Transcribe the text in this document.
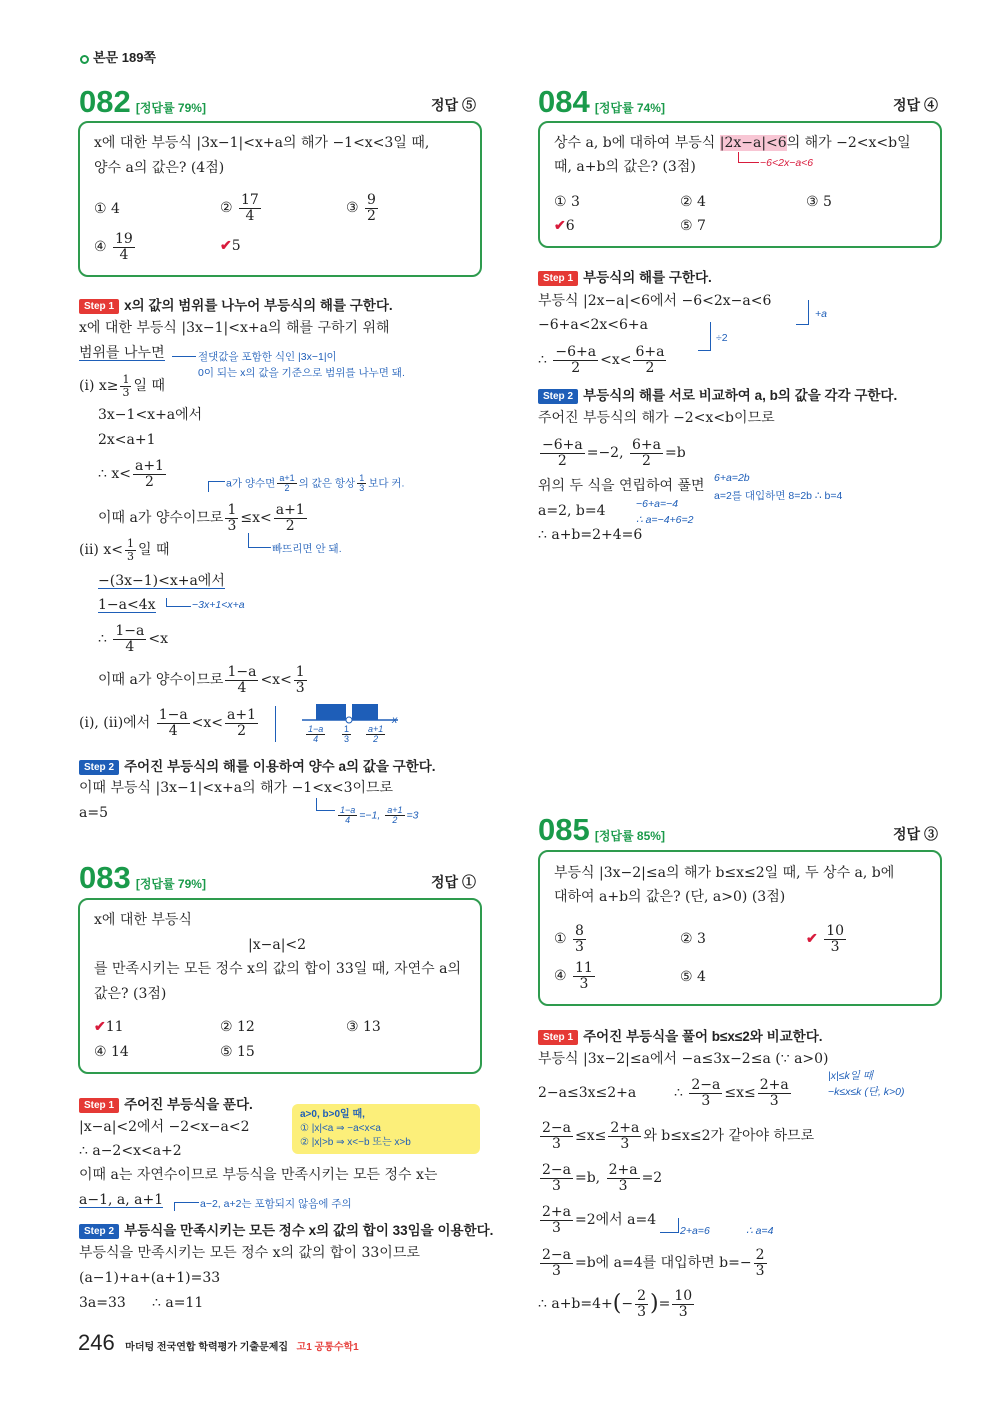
본문 189쪽
082 [정답률 79%]	정답 ⑤
x에 대한 부등식 |3x−1|<x+a의 해가 −1<x<3일 때,
양수 a의 값은? (4점)
① 4	② $\frac{17}{4}$	③ $\frac{9}{2}$
④ $\frac{19}{4}$	✔5
Step 1 x의 값의 범위를 나누어 부등식의 해를 구한다.
x에 대한 부등식 |3x−1|<x+a의 해를 구하기 위해
범위를 나누면	절댓값을 포함한 식인 |3x−1|이
0이 되는 x의 값을 기준으로 범위를 나누면 돼.
(ⅰ) $x\ge \frac{1}{3}$ 일 때
3x−1<x+a에서
2x<a+1
∴ $x< \frac{a+1}{2}$	a가 양수면 $\frac{a+1}{2}$ 의 값은 항상 $\frac{1}{3}$ 보다 커.
이때 a가 양수이므로 $\frac{1}{3} \le x< \frac{a+1}{2}$
빠뜨리면 안 돼.
(ⅱ) $x< \frac{1}{3}$ 일 때
−(3x−1)<x+a에서
1−a<4x	−3x+1<x+a
∴ $\frac{1-a}{4} <x$
이때 a가 양수이므로 $\frac{1-a}{4} <x< \frac{1}{3}$
(ⅰ), (ⅱ)에서 $\frac{1-a}{4} <x< \frac{a+1}{2}$	x
$\frac{1-a}{4} \frac{1}{3} \frac{a+1}{2}$
Step 2 주어진 부등식의 해를 이용하여 양수 a의 값을 구한다.
이때 부등식 |3x−1|<x+a의 해가 −1<x<3이므로
a=5	$\frac{1-a}{4} =-1$, $\frac{a+1}{2} =3$
083 [정답률 79%]	정답 ①
x에 대한 부등식
|x−a|<2
를 만족시키는 모든 정수 x의 값의 합이 33일 때, 자연수 a의
값은? (3점)
✔11	② 12	③ 13
④ 14	⑤ 15
Step 1 주어진 부등식을 푼다.
|x−a|<2에서 −2<x−a<2
∴ a−2<x<a+2
a>0, b>0일 때,
① |x|<a ⇒ −a<x<a
② |x|>b ⇒ x<−b 또는 x>b
이때 a는 자연수이므로 부등식을 만족시키는 모든 정수 x는
a−1, a, a+1	a−2, a+2는 포함되지 않음에 주의
Step 2 부등식을 만족시키는 모든 정수 x의 값의 합이 33임을 이용한다.
부등식을 만족시키는 모든 정수 x의 값의 합이 33이므로
(a−1)+a+(a+1)=33
3a=33 ∴ a=11
084 [정답률 74%]	정답 ④
상수 a, b에 대하여 부등식 |2x−a|<6의 해가 −2<x<b일
때, a+b의 값은? (3점)	−6<2x−a<6
① 3	② 4	③ 5
✔6	⑤ 7
Step 1 부등식의 해를 구한다.
부등식 |2x−a|<6에서 −6<2x−a<6
+a
−6+a<2x<6+a
÷2
∴ $\frac{-6+a}{2} <x< \frac{6+a}{2}$
Step 2 부등식의 해를 서로 비교하여 a, b의 값을 각각 구한다.
주어진 부등식의 해가 −2<x<b이므로
$\frac{-6+a}{2} =-2$, $\frac{6+a}{2} =b$
위의 두 식을 연립하여 풀면 6+a=2b
a=2를 대입하면 8=2b ∴ b=4
−6+a=−4
∴ a=−4+6=2
a=2, b=4
∴ a+b=2+4=6
085 [정답률 85%]	정답 ③
부등식 |3x−2|≤a의 해가 b≤x≤2일 때, 두 상수 a, b에
대하여 a+b의 값은? (단, a>0) (3점)
① $\frac{8}{3}$	② 3	✔ $\frac{10}{3}$
④ $\frac{11}{3}$	⑤ 4
Step 1 주어진 부등식을 풀어 b≤x≤2와 비교한다.
부등식 |3x−2|≤a에서 −a≤3x−2≤a (∵ a>0)
|x|≤k일 때
−k≤x≤k (단, k>0)
2−a≤3x≤2+a	∴ $\frac{2-a}{3} \le x\le \frac{2+a}{3}$
$\frac{2-a}{3} \le x\le \frac{2+a}{3}$ 와 b≤x≤2가 같아야 하므로
$\frac{2-a}{3} =b$, $\frac{2+a}{3} =2$
$\frac{2+a}{3} =2$에서 a=4
2+a=6	∴ a=4
$\frac{2-a}{3} =b$에 a=4를 대입하면 $b=- \frac{2}{3}$
∴ $a+b=4+(- \frac{2}{3}$ )= $\frac{10}{3}$
246 마더텅 전국연합 학력평가 기출문제집 고1 공통수학1
